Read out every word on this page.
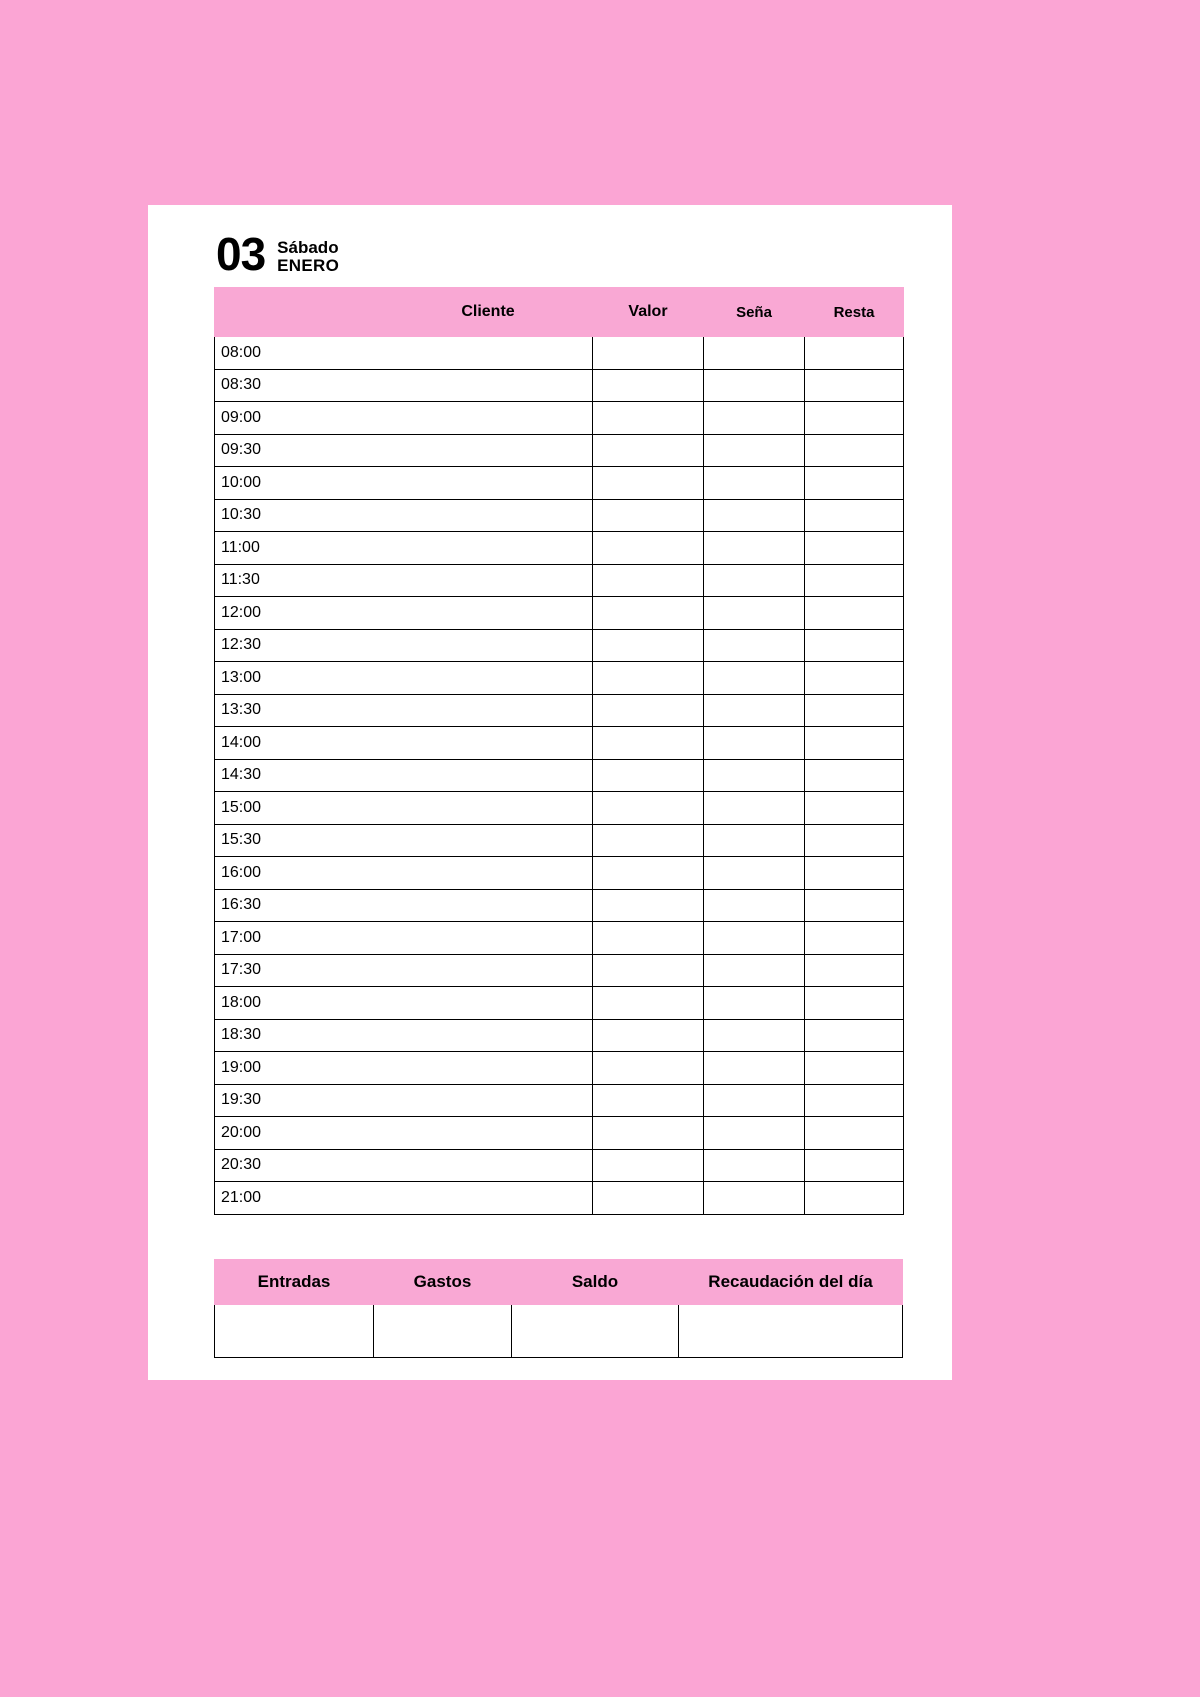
03 Sábado
ENERO
	Cliente	Valor	Seña	Resta
08:00				
08:30				
09:00				
09:30				
10:00				
10:30				
11:00				
11:30				
12:00				
12:30				
13:00				
13:30				
14:00				
14:30				
15:00				
15:30				
16:00				
16:30				
17:00				
17:30				
18:00				
18:30				
19:00				
19:30				
20:00				
20:30				
21:00				
Entradas	Gastos	Saldo	Recaudación del día
